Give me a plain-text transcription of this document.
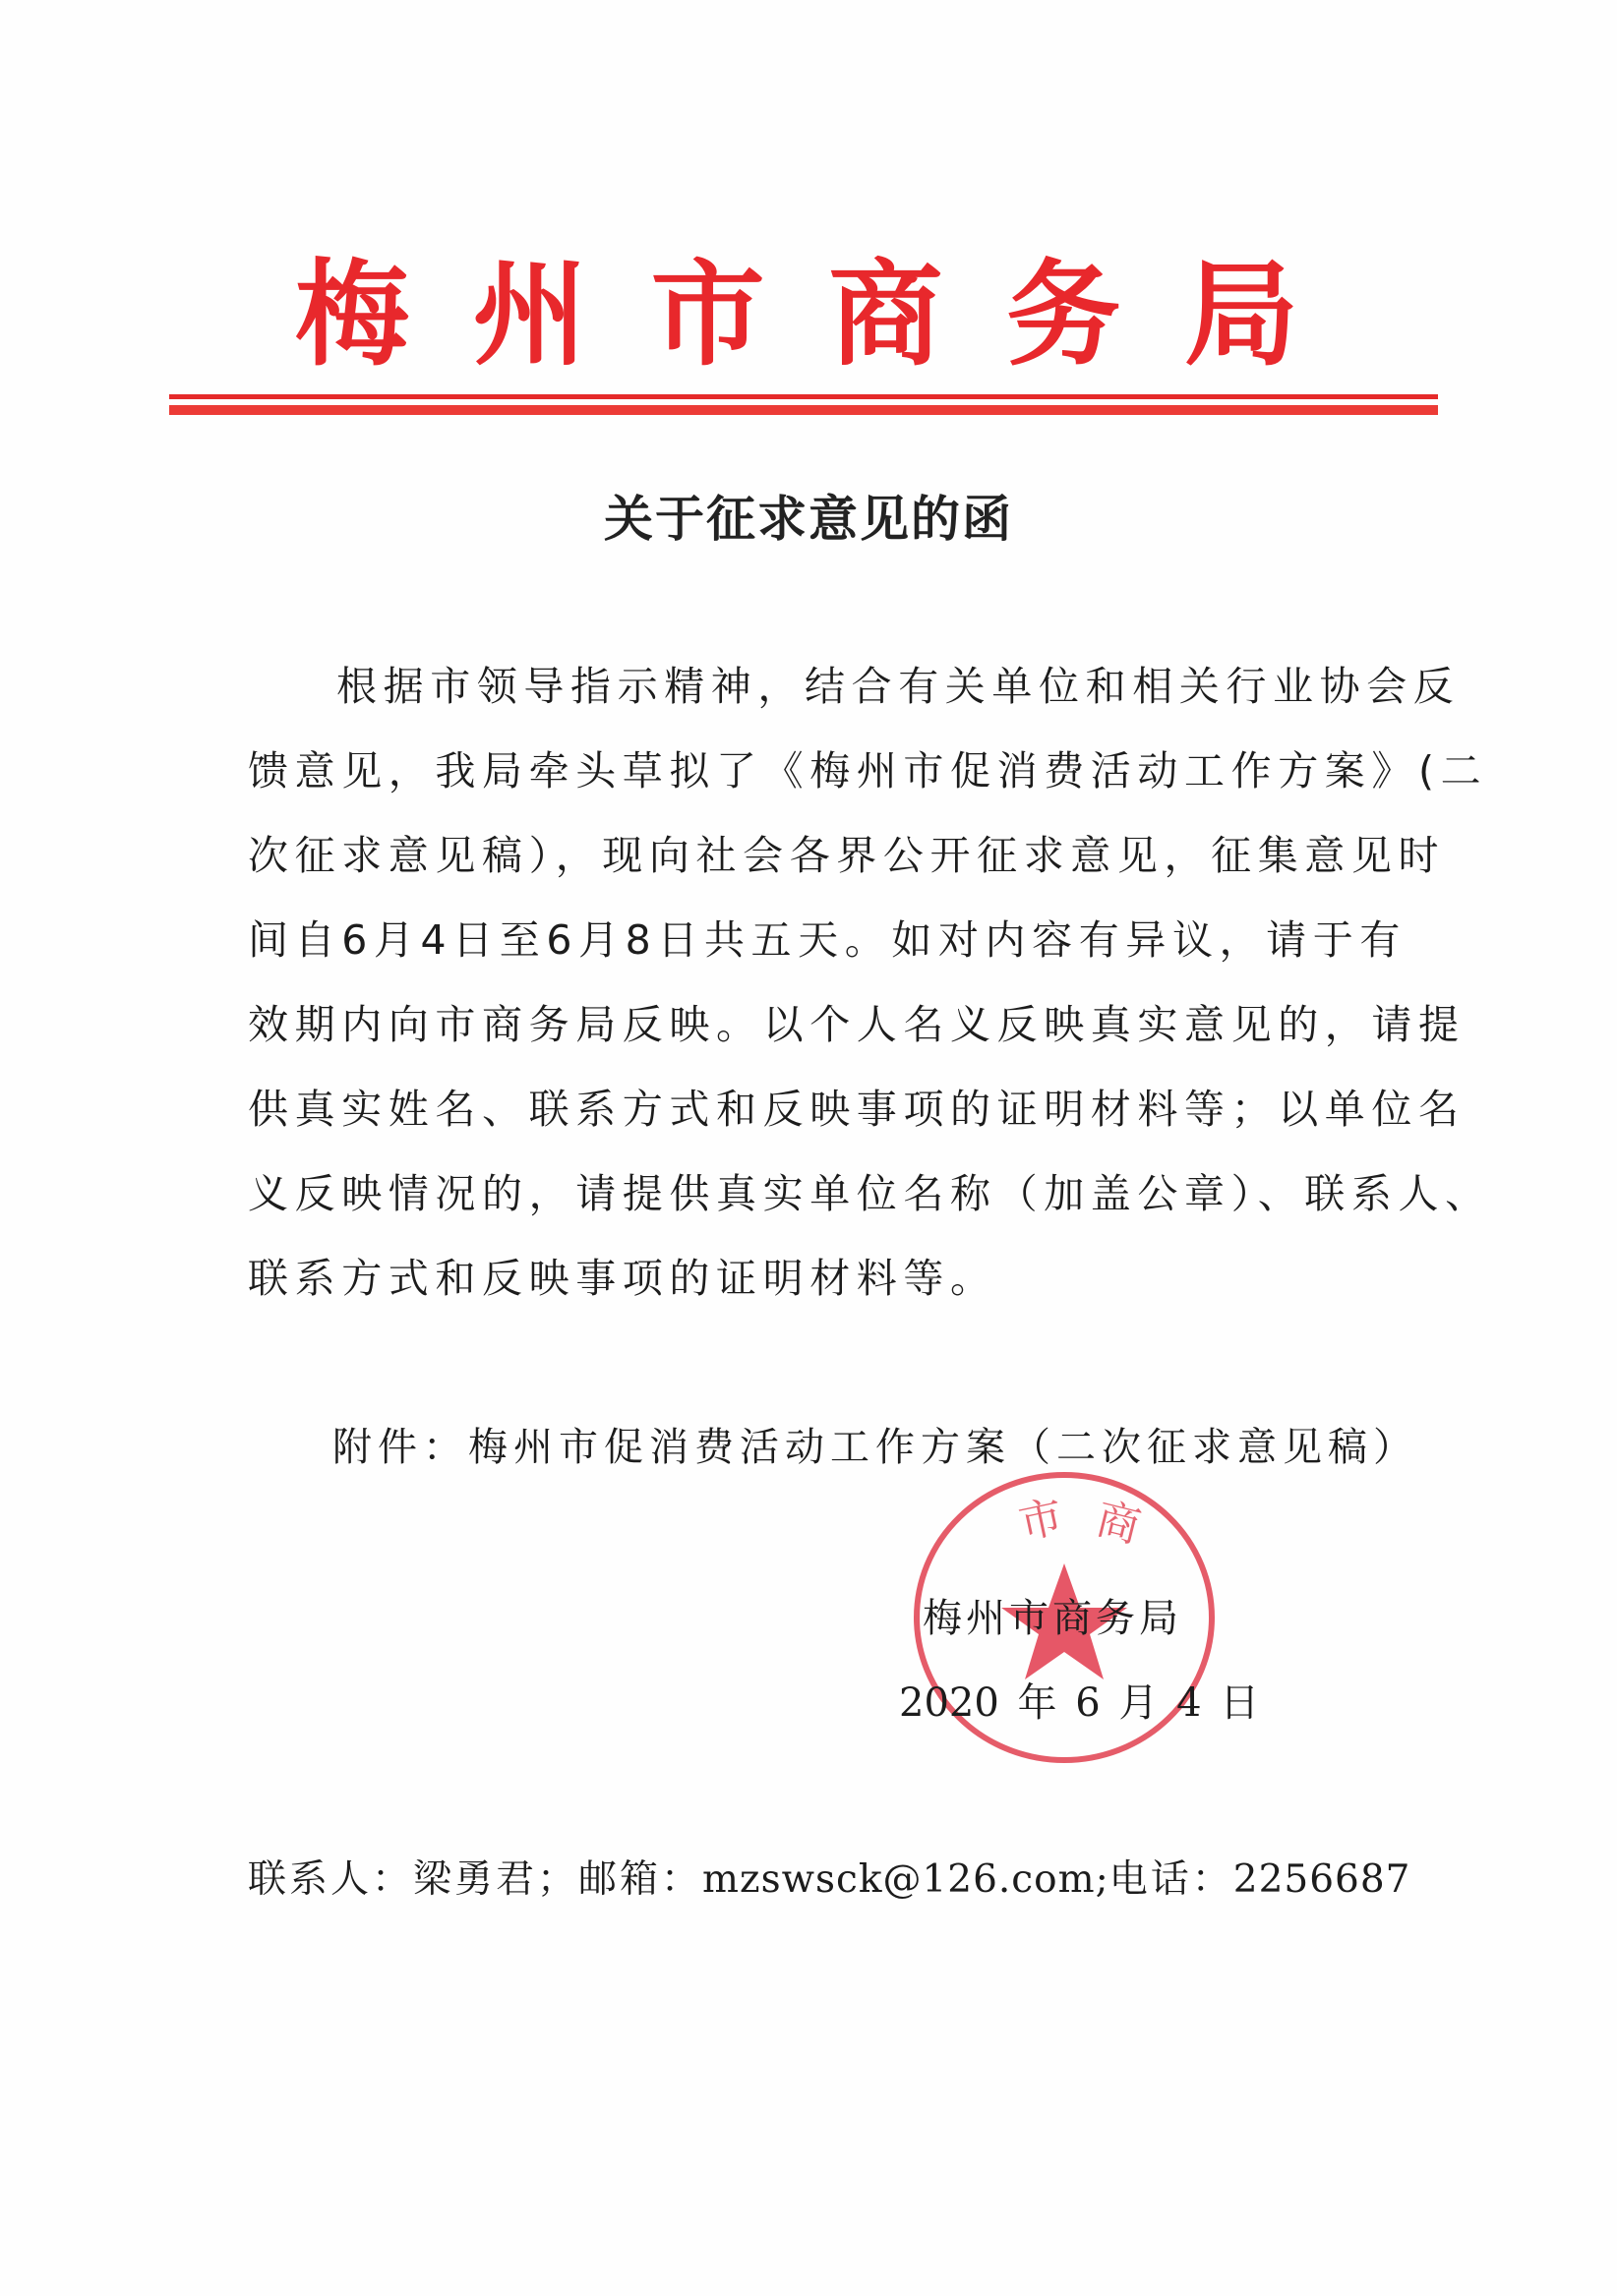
梅 州 市 商 务 局
关于征求意见的函
根据市领导指示精神，结合有关单位和相关行业协会反
馈意见，我局牵头草拟了《梅州市促消费活动工作方案》(二
次征求意见稿），现向社会各界公开征求意见，征集意见时
间自6月4日至6月8日共五天。如对内容有异议，请于有
效期内向市商务局反映。以个人名义反映真实意见的，请提
供真实姓名、联系方式和反映事项的证明材料等；以单位名
义反映情况的，请提供真实单位名称（加盖公章）、联系人、
联系方式和反映事项的证明材料等。
附件：梅州市促消费活动工作方案（二次征求意见稿）
市 商
梅州市商务局
2020 年 6 月 4 日
联系人：梁勇君；邮箱：mzswsck@126.com;电话：2256687
